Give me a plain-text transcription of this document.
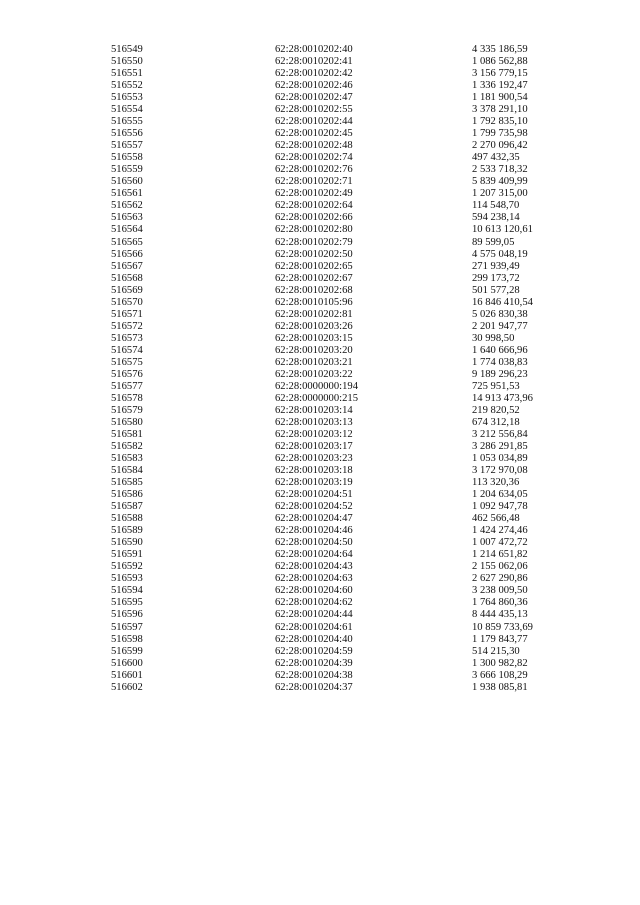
516549	62:28:0010202:40	4 335 186,59
516550	62:28:0010202:41	1 086 562,88
516551	62:28:0010202:42	3 156 779,15
516552	62:28:0010202:46	1 336 192,47
516553	62:28:0010202:47	1 181 900,54
516554	62:28:0010202:55	3 378 291,10
516555	62:28:0010202:44	1 792 835,10
516556	62:28:0010202:45	1 799 735,98
516557	62:28:0010202:48	2 270 096,42
516558	62:28:0010202:74	497 432,35
516559	62:28:0010202:76	2 533 718,32
516560	62:28:0010202:71	5 839 409,99
516561	62:28:0010202:49	1 207 315,00
516562	62:28:0010202:64	114 548,70
516563	62:28:0010202:66	594 238,14
516564	62:28:0010202:80	10 613 120,61
516565	62:28:0010202:79	89 599,05
516566	62:28:0010202:50	4 575 048,19
516567	62:28:0010202:65	271 939,49
516568	62:28:0010202:67	299 173,72
516569	62:28:0010202:68	501 577,28
516570	62:28:0010105:96	16 846 410,54
516571	62:28:0010202:81	5 026 830,38
516572	62:28:0010203:26	2 201 947,77
516573	62:28:0010203:15	30 998,50
516574	62:28:0010203:20	1 640 666,96
516575	62:28:0010203:21	1 774 038,83
516576	62:28:0010203:22	9 189 296,23
516577	62:28:0000000:194	725 951,53
516578	62:28:0000000:215	14 913 473,96
516579	62:28:0010203:14	219 820,52
516580	62:28:0010203:13	674 312,18
516581	62:28:0010203:12	3 212 556,84
516582	62:28:0010203:17	3 286 291,85
516583	62:28:0010203:23	1 053 034,89
516584	62:28:0010203:18	3 172 970,08
516585	62:28:0010203:19	113 320,36
516586	62:28:0010204:51	1 204 634,05
516587	62:28:0010204:52	1 092 947,78
516588	62:28:0010204:47	462 566,48
516589	62:28:0010204:46	1 424 274,46
516590	62:28:0010204:50	1 007 472,72
516591	62:28:0010204:64	1 214 651,82
516592	62:28:0010204:43	2 155 062,06
516593	62:28:0010204:63	2 627 290,86
516594	62:28:0010204:60	3 238 009,50
516595	62:28:0010204:62	1 764 860,36
516596	62:28:0010204:44	8 444 435,13
516597	62:28:0010204:61	10 859 733,69
516598	62:28:0010204:40	1 179 843,77
516599	62:28:0010204:59	514 215,30
516600	62:28:0010204:39	1 300 982,82
516601	62:28:0010204:38	3 666 108,29
516602	62:28:0010204:37	1 938 085,81
